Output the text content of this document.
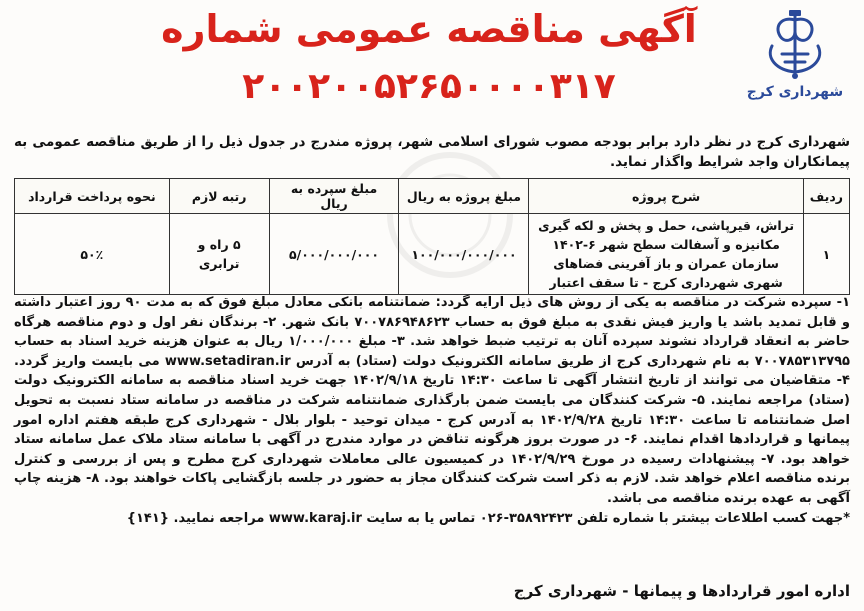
شهرداری کرج
آگهی مناقصه عمومی شماره
۲۰۰۲۰۰۵۲۶۵۰۰۰۰۳۱۷
شهرداری کرج در نظر دارد برابر بودجه مصوب شورای اسلامی شهر، پروژه مندرج در جدول ذیل را از طریق مناقصه عمومی به پیمانکاران واجد شرایط واگذار نماید.
ردیف	شرح پروژه	مبلغ پروژه به ریال	مبلغ سپرده به ریال	رتبه لازم	نحوه پرداخت قرارداد
۱	تراش، قیرپاشی، حمل و پخش و لکه گیری مکانیزه و آسفالت سطح شهر ۶-۱۴۰۲ سازمان عمران و باز آفرینی فضاهای شهری شهرداری کرج - تا سقف اعتبار	۱۰۰/۰۰۰/۰۰۰/۰۰۰	۵/۰۰۰/۰۰۰/۰۰۰	۵ راه و ترابری	۵۰٪
۱- سپرده شرکت در مناقصه به یکی از روش های ذیل ارایه گردد: ضمانتنامه بانکی معادل مبلغ فوق که به مدت ۹۰ روز اعتبار داشته و قابل تمدید باشد یا واریز فیش نقدی به مبلغ فوق به حساب ۷۰۰۷۸۶۹۴۸۶۲۳ بانک شهر. ۲- برندگان نفر اول و دوم مناقصه هرگاه حاضر به انعقاد قرارداد نشوند سپرده آنان به ترتیب ضبط خواهد شد. ۳- مبلغ ۱/۰۰۰/۰۰۰ ریال به عنوان هزینه خرید اسناد به حساب ۷۰۰۷۸۵۳۱۳۷۹۵ به نام شهرداری کرج از طریق سامانه الکترونیک دولت (ستاد) به آدرس www.setadiran.ir می بایست واریز گردد. ۴- متقاضیان می توانند از تاریخ انتشار آگهی تا ساعت ۱۴:۳۰ تاریخ ۱۴۰۲/۹/۱۸ جهت خرید اسناد مناقصه به سامانه الکترونیک دولت (ستاد) مراجعه نمایند. ۵- شرکت کنندگان می بایست ضمن بارگذاری ضمانتنامه شرکت در مناقصه در سامانه ستاد نسبت به تحویل اصل ضمانتنامه تا ساعت ۱۴:۳۰ تاریخ ۱۴۰۲/۹/۲۸ به آدرس کرج - میدان توحید - بلوار بلال - شهرداری کرج طبقه هفتم اداره امور پیمانها و قراردادها اقدام نمایند. ۶- در صورت بروز هرگونه تناقض در موارد مندرج در آگهی با سامانه ستاد ملاک عمل سامانه ستاد خواهد بود. ۷- پیشنهادات رسیده در مورخ ۱۴۰۲/۹/۲۹ در کمیسیون عالی معاملات شهرداری کرج مطرح و پس از بررسی و کنترل برنده مناقصه اعلام خواهد شد. لازم به ذکر است شرکت کنندگان مجاز به حضور در جلسه بازگشایی پاکات خواهند بود. ۸- هزینه چاپ آگهی به عهده برنده مناقصه می باشد.
*جهت کسب اطلاعات بیشتر با شماره تلفن ۳۵۸۹۲۴۲۳-۰۲۶ تماس یا به سایت www.karaj.ir مراجعه نمایید. {۱۴۱}
اداره امور قراردادها و پیمانها - شهرداری کرج
